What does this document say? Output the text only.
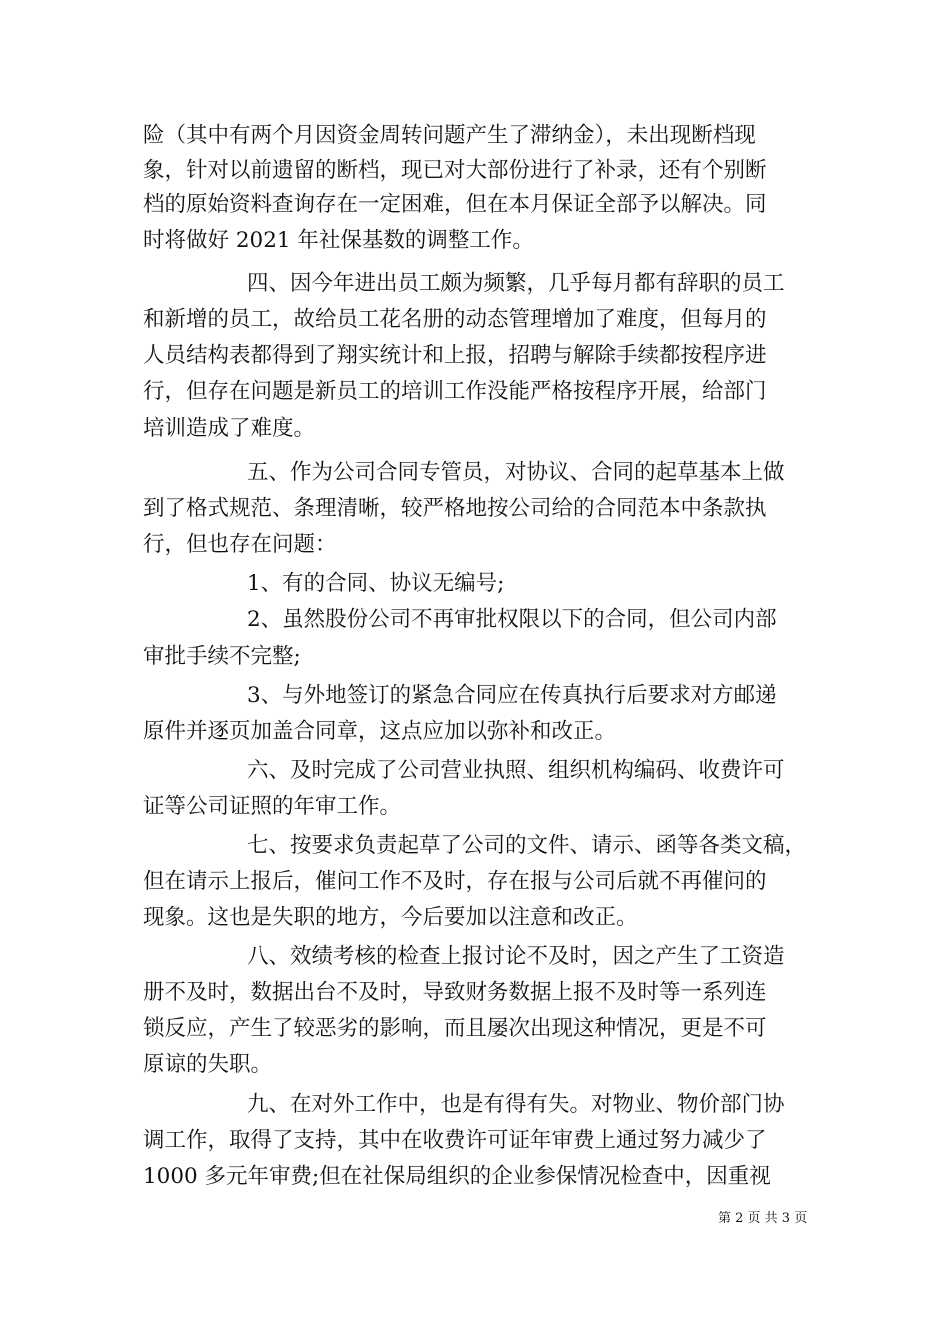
险（其中有两个月因资金周转问题产生了滞纳金），未出现断档现
象，针对以前遗留的断档，现已对大部份进行了补录，还有个别断
档的原始资料查询存在一定困难，但在本月保证全部予以解决。同
时将做好 2021 年社保基数的调整工作。
四、因今年进出员工颇为频繁，几乎每月都有辞职的员工
和新增的员工，故给员工花名册的动态管理增加了难度，但每月的
人员结构表都得到了翔实统计和上报，招聘与解除手续都按程序进
行，但存在问题是新员工的培训工作没能严格按程序开展，给部门
培训造成了难度。
五、作为公司合同专管员，对协议、合同的起草基本上做
到了格式规范、条理清晰，较严格地按公司给的合同范本中条款执
行，但也存在问题：
1、有的合同、协议无编号;
2、虽然股份公司不再审批权限以下的合同，但公司内部
审批手续不完整;
3、与外地签订的紧急合同应在传真执行后要求对方邮递
原件并逐页加盖合同章，这点应加以弥补和改正。
六、及时完成了公司营业执照、组织机构编码、收费许可
证等公司证照的年审工作。
七、按要求负责起草了公司的文件、请示、函等各类文稿，
但在请示上报后，催问工作不及时，存在报与公司后就不再催问的
现象。这也是失职的地方，今后要加以注意和改正。
八、效绩考核的检查上报讨论不及时，因之产生了工资造
册不及时，数据出台不及时，导致财务数据上报不及时等一系列连
锁反应，产生了较恶劣的影响，而且屡次出现这种情况，更是不可
原谅的失职。
九、在对外工作中，也是有得有失。对物业、物价部门协
调工作，取得了支持，其中在收费许可证年审费上通过努力减少了
1000 多元年审费;但在社保局组织的企业参保情况检查中，因重视
第 2 页 共 3 页
